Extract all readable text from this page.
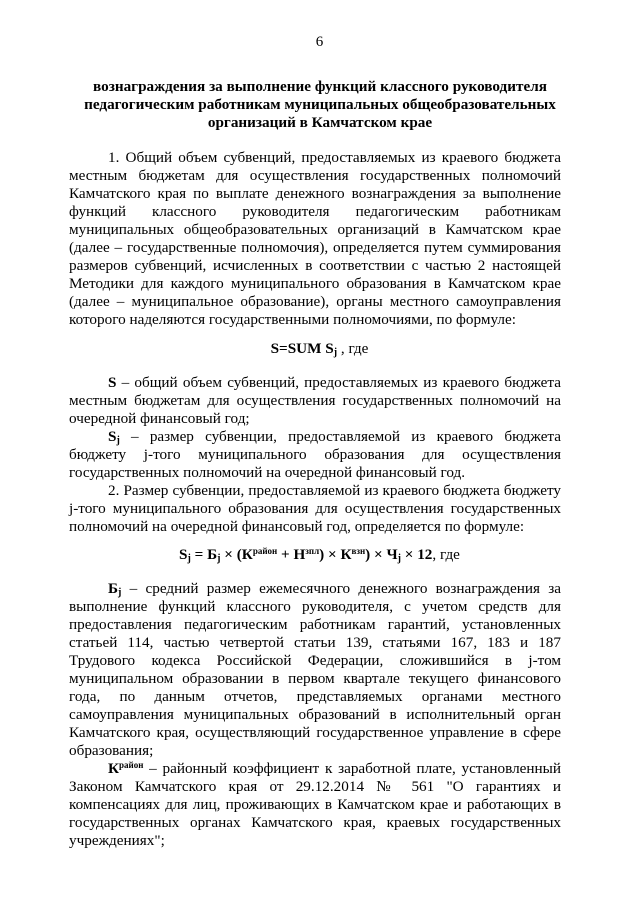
6
вознаграждения за выполнение функций классного руководителя педагогическим работникам муниципальных общеобразовательных организаций в Камчатском крае

1. Общий объем субвенций, предоставляемых из краевого бюджета местным бюджетам для осуществления государственных полномочий Камчатского края по выплате денежного вознаграждения за выполнение функций классного руководителя педагогическим работникам муниципальных общеобразовательных организаций в Камчатском крае (далее – государственные полномочия), определяется путем суммирования размеров субвенций, исчисленных в соответствии с частью 2 настоящей Методики для каждого муниципального образования в Камчатском крае (далее – муниципальное образование), органы местного самоуправления которого наделяются государственными полномочиями, по формуле:

S=SUM $S_j$ , где

S – общий объем субвенций, предоставляемых из краевого бюджета местным бюджетам для осуществления государственных полномочий на очередной финансовый год;

$S_j$ – размер субвенции, предоставляемой из краевого бюджета бюджету j-того муниципального образования для осуществления государственных полномочий на очередной финансовый год.

2. Размер субвенции, предоставляемой из краевого бюджета бюджету j-того муниципального образования для осуществления государственных полномочий на очередной финансовый год, определяется по формуле:

$S_j = Б_j \times (К^{район} + Н^{зпл}) \times К^{взн}) \times Ч_j \times 12$, где

$Б_j$ – средний размер ежемесячного денежного вознаграждения за выполнение функций классного руководителя, с учетом средств для предоставления педагогическим работникам гарантий, установленных статьей 114, частью четвертой статьи 139, статьями 167, 183 и 187 Трудового кодекса Российской Федерации, сложившийся в j-том муниципальном образовании в первом квартале текущего финансового года, по данным отчетов, представляемых органами местного самоуправления муниципальных образований в исполнительный орган Камчатского края, осуществляющий государственное управление в сфере образования;

$К^{район}$ – районный коэффициент к заработной плате, установленный Законом Камчатского края от 29.12.2014 № 561 "О гарантиях и компенсациях для лиц, проживающих в Камчатском крае и работающих в государственных органах Камчатского края, краевых государственных учреждениях";
